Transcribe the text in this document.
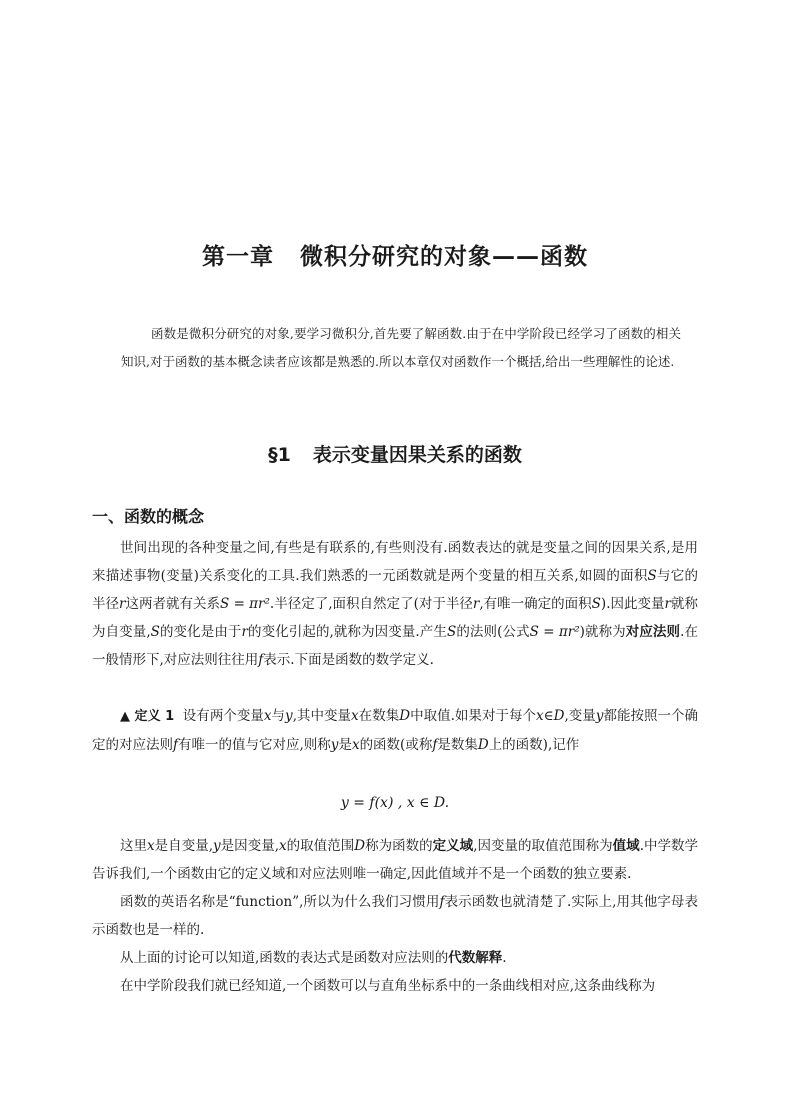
第一章 微积分研究的对象——函数

函数是微积分研究的对象,要学习微积分,首先要了解函数.由于在中学阶段已经学习了函数的相关知识,对于函数的基本概念读者应该都是熟悉的.所以本章仅对函数作一个概括,给出一些理解性的论述.

§1 表示变量因果关系的函数
一、函数的概念

世间出现的各种变量之间,有些是有联系的,有些则没有.函数表达的就是变量之间的因果关系,是用来描述事物(变量)关系变化的工具.我们熟悉的一元函数就是两个变量的相互关系,如圆的面积S与它的半径r这两者就有关系S = πr².半径定了,面积自然定了(对于半径r,有唯一确定的面积S).因此变量r就称为自变量,S的变化是由于r的变化引起的,就称为因变量.产生S的法则(公式S = πr²)就称为对应法则.在一般情形下,对应法则往往用f表示.下面是函数的数学定义.

▲ 定义 1 设有两个变量x与y,其中变量x在数集D中取值.如果对于每个x∈D,变量y都能按照一个确定的对应法则f有唯一的值与它对应,则称y是x的函数(或称f是数集D上的函数),记作

y = f(x) , x ∈ D.

这里x是自变量,y是因变量,x的取值范围D称为函数的定义域,因变量的取值范围称为值域.中学数学告诉我们,一个函数由它的定义域和对应法则唯一确定,因此值域并不是一个函数的独立要素.

函数的英语名称是“function”,所以为什么我们习惯用f表示函数也就清楚了.实际上,用其他字母表示函数也是一样的.

从上面的讨论可以知道,函数的表达式是函数对应法则的代数解释.

在中学阶段我们就已经知道,一个函数可以与直角坐标系中的一条曲线相对应,这条曲线称为
